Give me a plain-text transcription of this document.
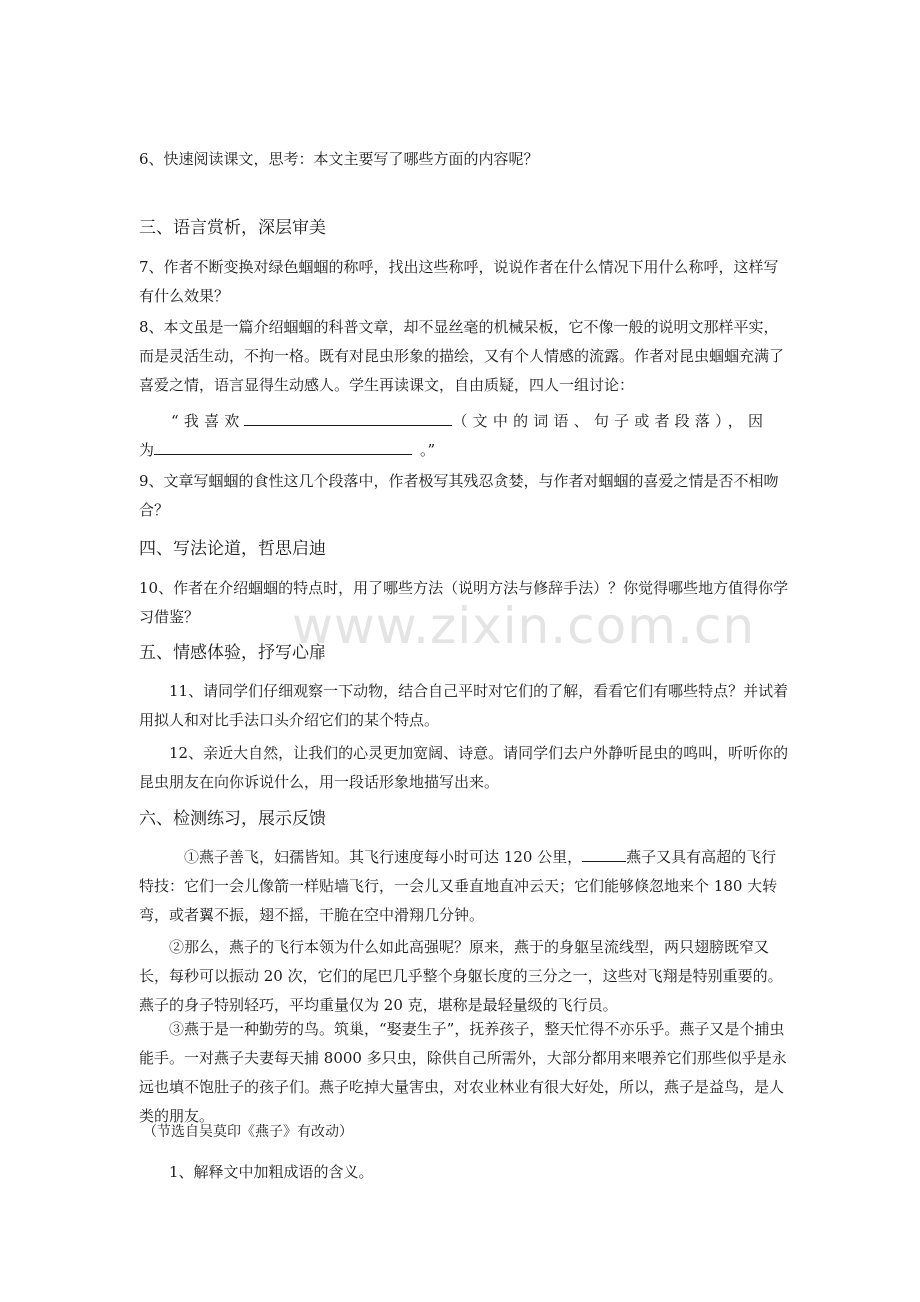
www.zixin.com.cn
6、快速阅读课文，思考：本文主要写了哪些方面的内容呢？
三、语言赏析，深层审美
7、作者不断变换对绿色蝈蝈的称呼，找出这些称呼，说说作者在什么情况下用什么称呼，这样写有什么效果？
8、本文虽是一篇介绍蝈蝈的科普文章，却不显丝毫的机械呆板，它不像一般的说明文那样平实，而是灵活生动，不拘一格。既有对昆虫形象的描绘，又有个人情感的流露。作者对昆虫蝈蝈充满了喜爱之情，语言显得生动感人。学生再读课文，自由质疑，四人一组讨论：
“我喜欢	（文中的词语、句子或者段落），因
为	。”
9、文章写蝈蝈的食性这几个段落中，作者极写其残忍贪婪，与作者对蝈蝈的喜爱之情是否不相吻合？
四、写法论道，哲思启迪
10、作者在介绍蝈蝈的特点时，用了哪些方法（说明方法与修辞手法）？你觉得哪些地方值得你学习借鉴？
五、情感体验，抒写心扉
11、请同学们仔细观察一下动物，结合自己平时对它们的了解，看看它们有哪些特点？并试着用拟人和对比手法口头介绍它们的某个特点。
12、亲近大自然，让我们的心灵更加宽阔、诗意。请同学们去户外静听昆虫的鸣叫，听听你的昆虫朋友在向你诉说什么，用一段话形象地描写出来。
六、检测练习，展示反馈
①燕子善飞，妇孺皆知。其飞行速度每小时可达 120 公里，	燕子又具有高超的飞行特技：它们一会儿像箭一样贴墙飞行，一会儿又垂直地直冲云天；它们能够倏忽地来个 180 大转弯，或者翼不振，翅不摇，干脆在空中滑翔几分钟。
②那么，燕子的飞行本领为什么如此高强呢？原来，燕于的身躯呈流线型，两只翅膀既窄又长，每秒可以振动 20 次，它们的尾巴几乎整个身躯长度的三分之一，这些对飞翔是特别重要的。燕子的身子特别轻巧，平均重量仅为 20 克，堪称是最轻量级的飞行员。
③燕于是一种勤劳的鸟。筑巢，“娶妻生子”，抚养孩子，整天忙得不亦乐乎。燕子又是个捕虫能手。一对燕子夫妻每天捕 8000 多只虫，除供自己所需外，大部分都用来喂养它们那些似乎是永远也填不饱肚子的孩子们。燕子吃掉大量害虫，对农业林业有很大好处，所以，燕子是益鸟，是人类的朋友。
（节选自吴莫印《燕子》有改动）
1、解释文中加粗成语的含义。
